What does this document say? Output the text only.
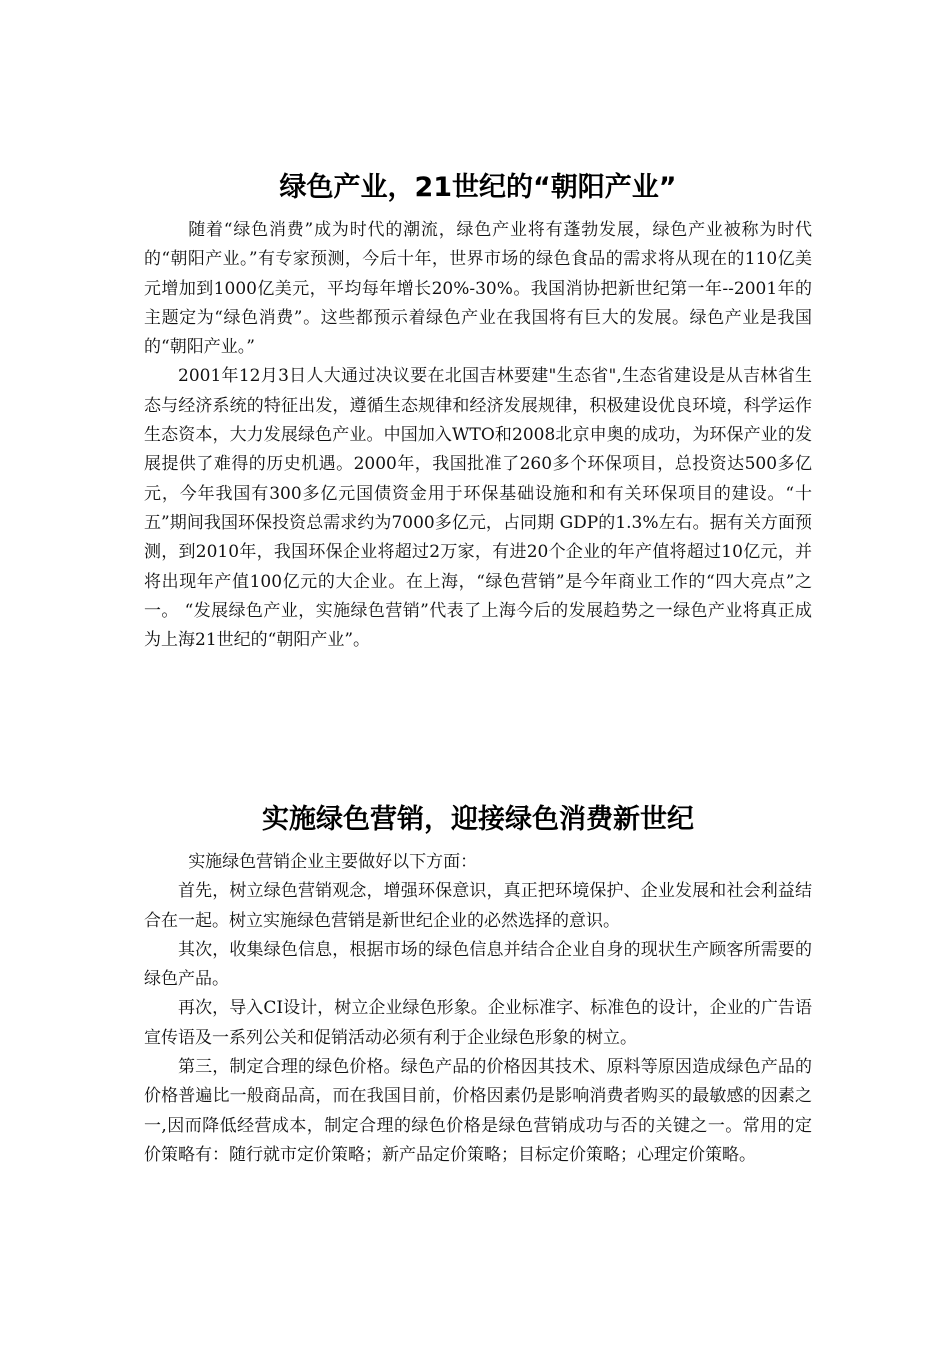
绿色产业，21世纪的“朝阳产业”

随着“绿色消费”成为时代的潮流，绿色产业将有蓬勃发展，绿色产业被称为时代的“朝阳产业。”有专家预测，今后十年，世界市场的绿色食品的需求将从现在的110亿美元增加到1000亿美元，平均每年增长20%-30%。我国消协把新世纪第一年--2001年的主题定为“绿色消费”。这些都预示着绿色产业在我国将有巨大的发展。绿色产业是我国的“朝阳产业。”

2001年12月3日人大通过决议要在北国吉林要建"生态省",生态省建设是从吉林省生态与经济系统的特征出发，遵循生态规律和经济发展规律，积极建设优良环境，科学运作生态资本，大力发展绿色产业。中国加入WTO和2008北京申奥的成功，为环保产业的发展提供了难得的历史机遇。2000年，我国批准了260多个环保项目，总投资达500多亿元，今年我国有300多亿元国债资金用于环保基础设施和和有关环保项目的建设。“十五”期间我国环保投资总需求约为7000多亿元，占同期 GDP的1.3%左右。据有关方面预测，到2010年，我国环保企业将超过2万家，有进20个企业的年产值将超过10亿元，并将出现年产值100亿元的大企业。在上海，“绿色营销”是今年商业工作的“四大亮点”之一。 “发展绿色产业，实施绿色营销”代表了上海今后的发展趋势之一绿色产业将真正成为上海21世纪的“朝阳产业”。

实施绿色营销，迎接绿色消费新世纪

实施绿色营销企业主要做好以下方面：

首先，树立绿色营销观念，增强环保意识，真正把环境保护、企业发展和社会利益结合在一起。树立实施绿色营销是新世纪企业的必然选择的意识。

其次，收集绿色信息，根据市场的绿色信息并结合企业自身的现状生产顾客所需要的绿色产品。

再次，导入CI设计，树立企业绿色形象。企业标准字、标准色的设计，企业的广告语宣传语及一系列公关和促销活动必须有利于企业绿色形象的树立。

第三，制定合理的绿色价格。绿色产品的价格因其技术、原料等原因造成绿色产品的价格普遍比一般商品高，而在我国目前，价格因素仍是影响消费者购买的最敏感的因素之一,因而降低经营成本，制定合理的绿色价格是绿色营销成功与否的关键之一。常用的定价策略有：随行就市定价策略；新产品定价策略；目标定价策略；心理定价策略。
